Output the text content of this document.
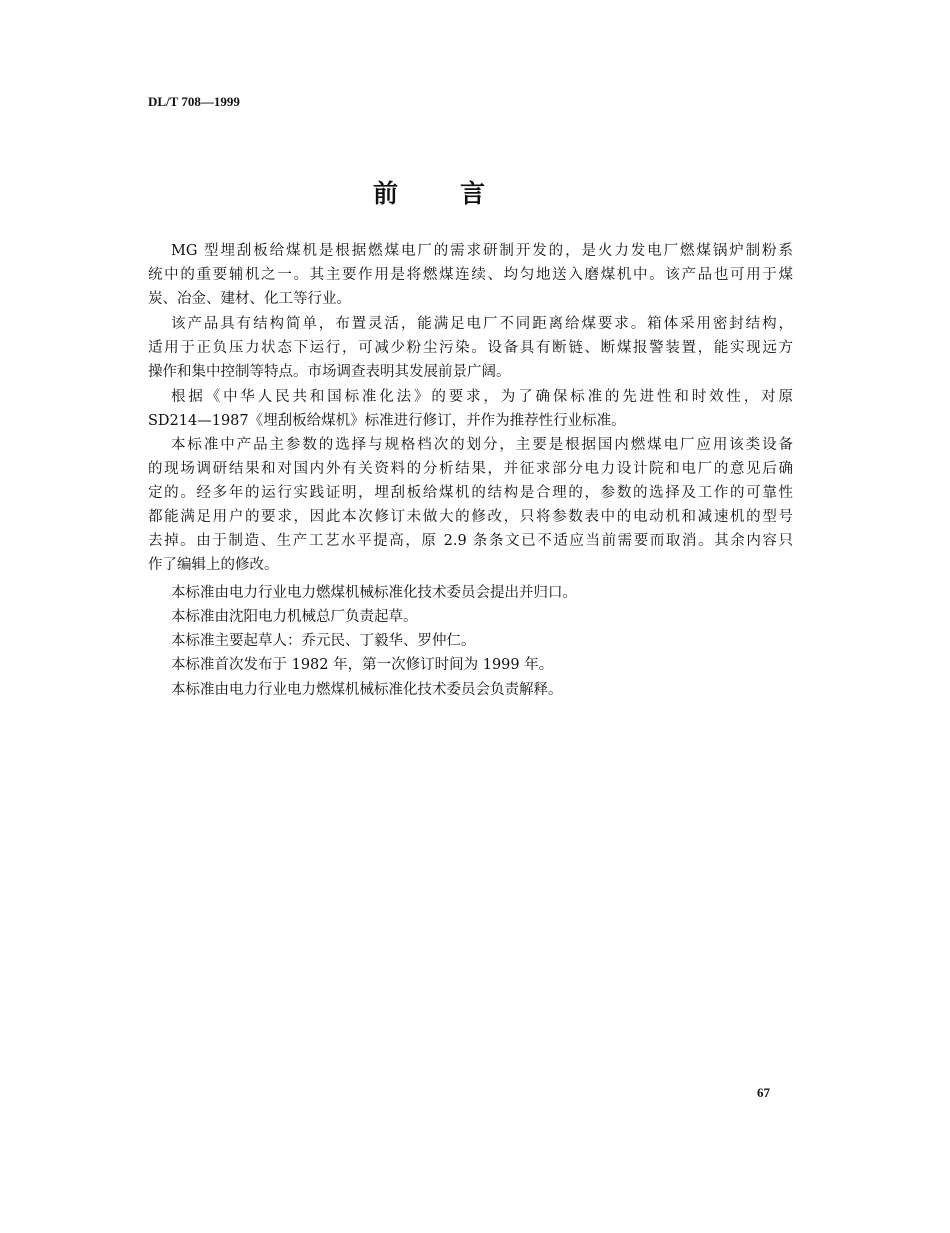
DL/T 708—1999
前言
MG 型埋刮板给煤机是根据燃煤电厂的需求研制开发的，是火力发电厂燃煤锅炉制粉系
统中的重要辅机之一。其主要作用是将燃煤连续、均匀地送入磨煤机中。该产品也可用于煤
炭、冶金、建材、化工等行业。
该产品具有结构简单，布置灵活，能满足电厂不同距离给煤要求。箱体采用密封结构，
适用于正负压力状态下运行，可减少粉尘污染。设备具有断链、断煤报警装置，能实现远方
操作和集中控制等特点。市场调查表明其发展前景广阔。
根据《中华人民共和国标准化法》的要求，为了确保标准的先进性和时效性，对原
SD214—1987《埋刮板给煤机》标准进行修订，并作为推荐性行业标准。
本标准中产品主参数的选择与规格档次的划分，主要是根据国内燃煤电厂应用该类设备
的现场调研结果和对国内外有关资料的分析结果，并征求部分电力设计院和电厂的意见后确
定的。经多年的运行实践证明，埋刮板给煤机的结构是合理的，参数的选择及工作的可靠性
都能满足用户的要求，因此本次修订未做大的修改，只将参数表中的电动机和减速机的型号
去掉。由于制造、生产工艺水平提高，原 2.9 条条文已不适应当前需要而取消。其余内容只
作了编辑上的修改。
本标准由电力行业电力燃煤机械标准化技术委员会提出并归口。
本标准由沈阳电力机械总厂负责起草。
本标准主要起草人：乔元民、丁毅华、罗仲仁。
本标准首次发布于 1982 年，第一次修订时间为 1999 年。
本标准由电力行业电力燃煤机械标准化技术委员会负责解释。
67
